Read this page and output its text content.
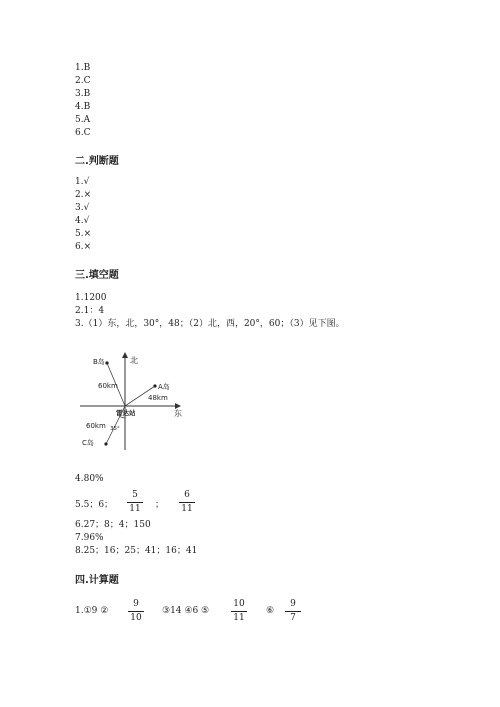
1.B
2.C
3.B
4.B
5.A
6.C
二.判断题
1.√
2.×
3.√
4.√
5.×
6.×
三.填空题
1.1200
2.1：4
3.（1）东，北，30°，48；（2）北，西，20°，60；（3）见下图。
北
东
B岛
A岛
C岛
60km
48km
60km
雷达站
35°
4.80%
5.5；6；
5
11 ；
6
11
6.27；8；4；150
7.96%
8.25；16；25；41；16；41
四.计算题
1.①9 ②
9
10
③14 ④6 ⑤
10
11
⑥
9
7
